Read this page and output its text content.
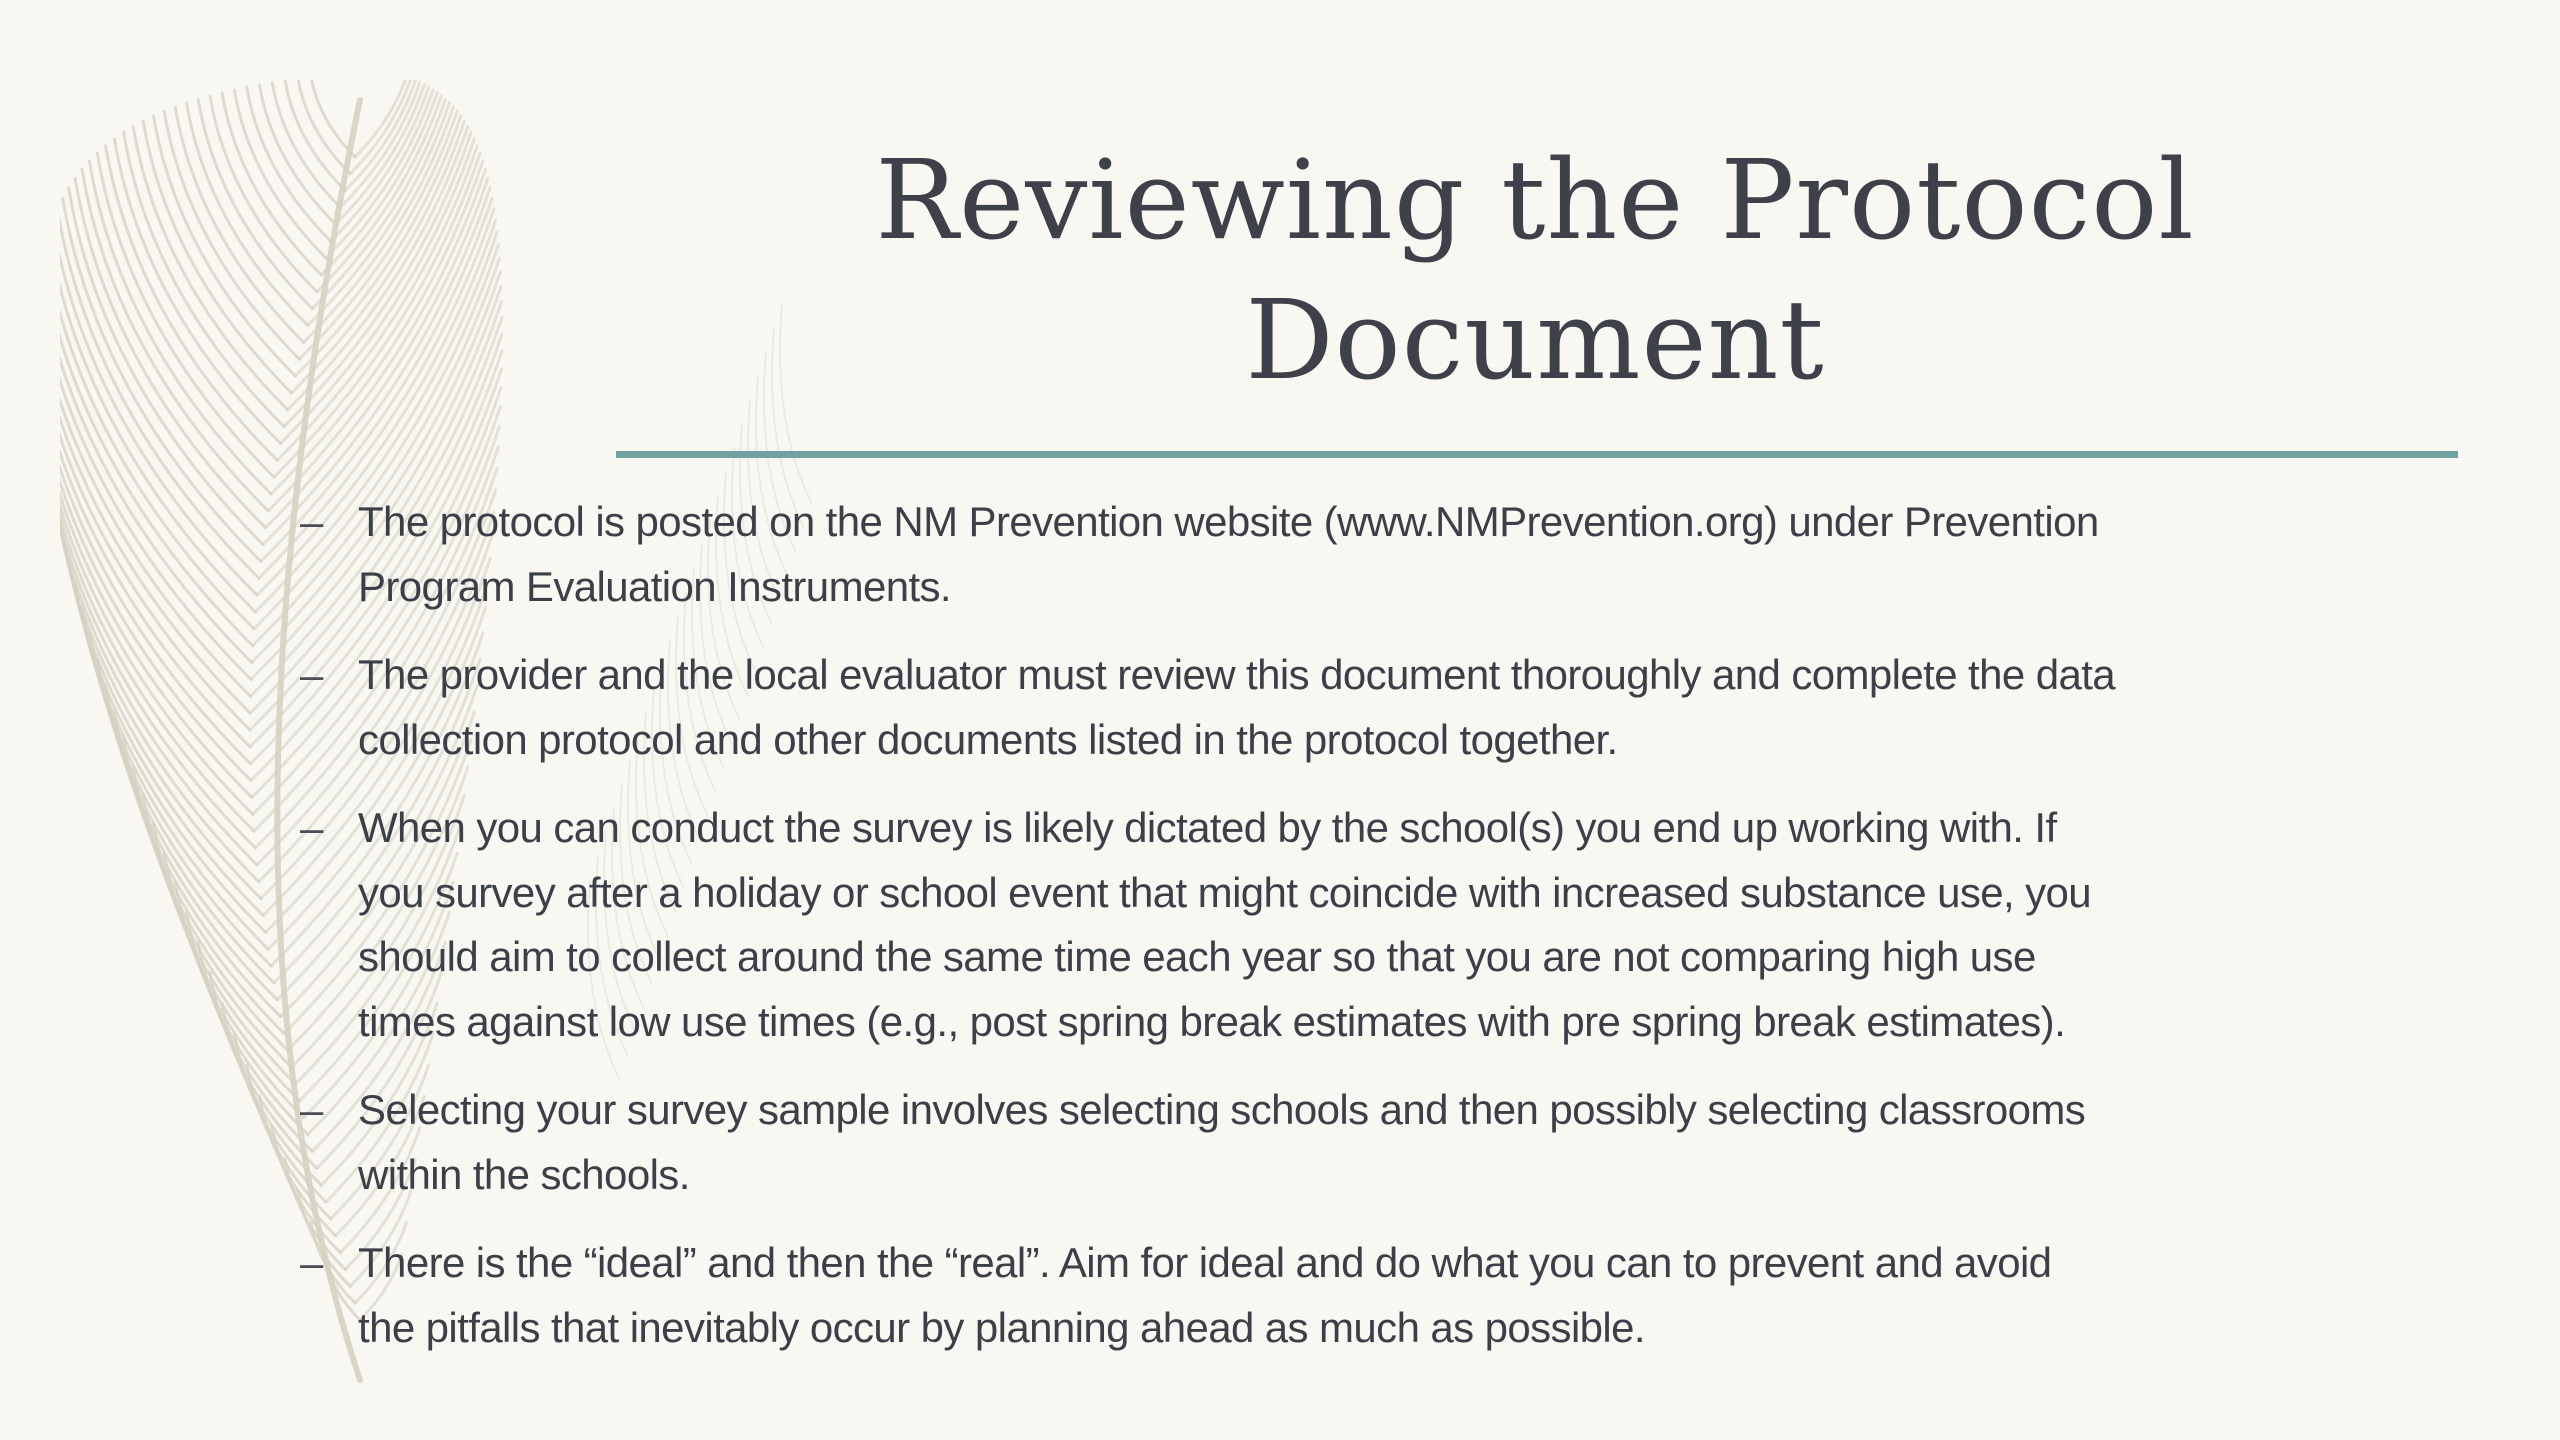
Reviewing the Protocol
Document
– The protocol is posted on the NM Prevention website (www.NMPrevention.org) under Prevention
Program Evaluation Instruments.
– The provider and the local evaluator must review this document thoroughly and complete the data
collection protocol and other documents listed in the protocol together.
– When you can conduct the survey is likely dictated by the school(s) you end up working with. If
you survey after a holiday or school event that might coincide with increased substance use, you
should aim to collect around the same time each year so that you are not comparing high use
times against low use times (e.g., post spring break estimates with pre spring break estimates).
– Selecting your survey sample involves selecting schools and then possibly selecting classrooms
within the schools.
– There is the “ideal” and then the “real”. Aim for ideal and do what you can to prevent and avoid
the pitfalls that inevitably occur by planning ahead as much as possible.
